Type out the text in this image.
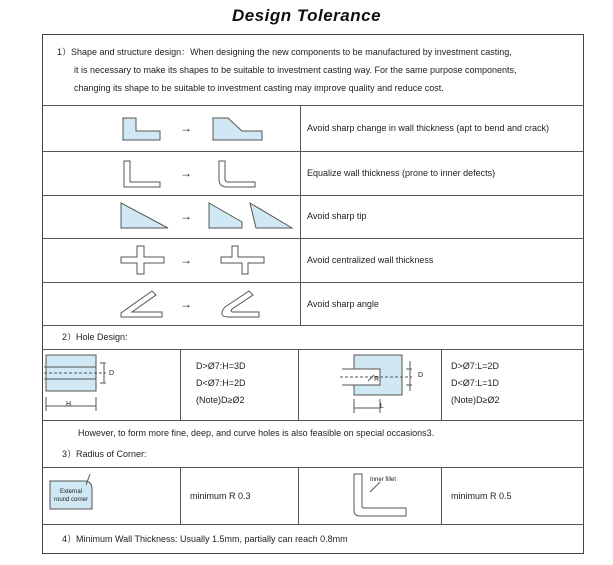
Design Tolerance
1）Shape and structure design：When designing the new components to be manufactured by investment casting,
it is necessary to make its shapes to be suitable to investment casting way. For the same purpose components,
changing its shape to be suitable to investment casting may improve quality and reduce cost.
→	Avoid sharp change in wall thickness (apt to bend and crack)
→	Equalize wall thickness (prone to inner defects)
→	Avoid sharp tip
→	Avoid centralized wall thickness
→	Avoid sharp angle
2）Hole Design:
D
H
D>Ø7:H=3D
D<Ø7:H=2D
(Note)D≥Ø2
D
R
L
D>Ø7:L=2D
D<Ø7:L=1D
(Note)D≥Ø2
However, to form more fine, deep, and curve holes is also feasible on special occasions3.
3）Radius of Corner:
External
round corner	minimum R 0.3
Inner fillet
minimum R 0.5
4）Minimum Wall Thickness: Usually 1.5mm, partially can reach 0.8mm
